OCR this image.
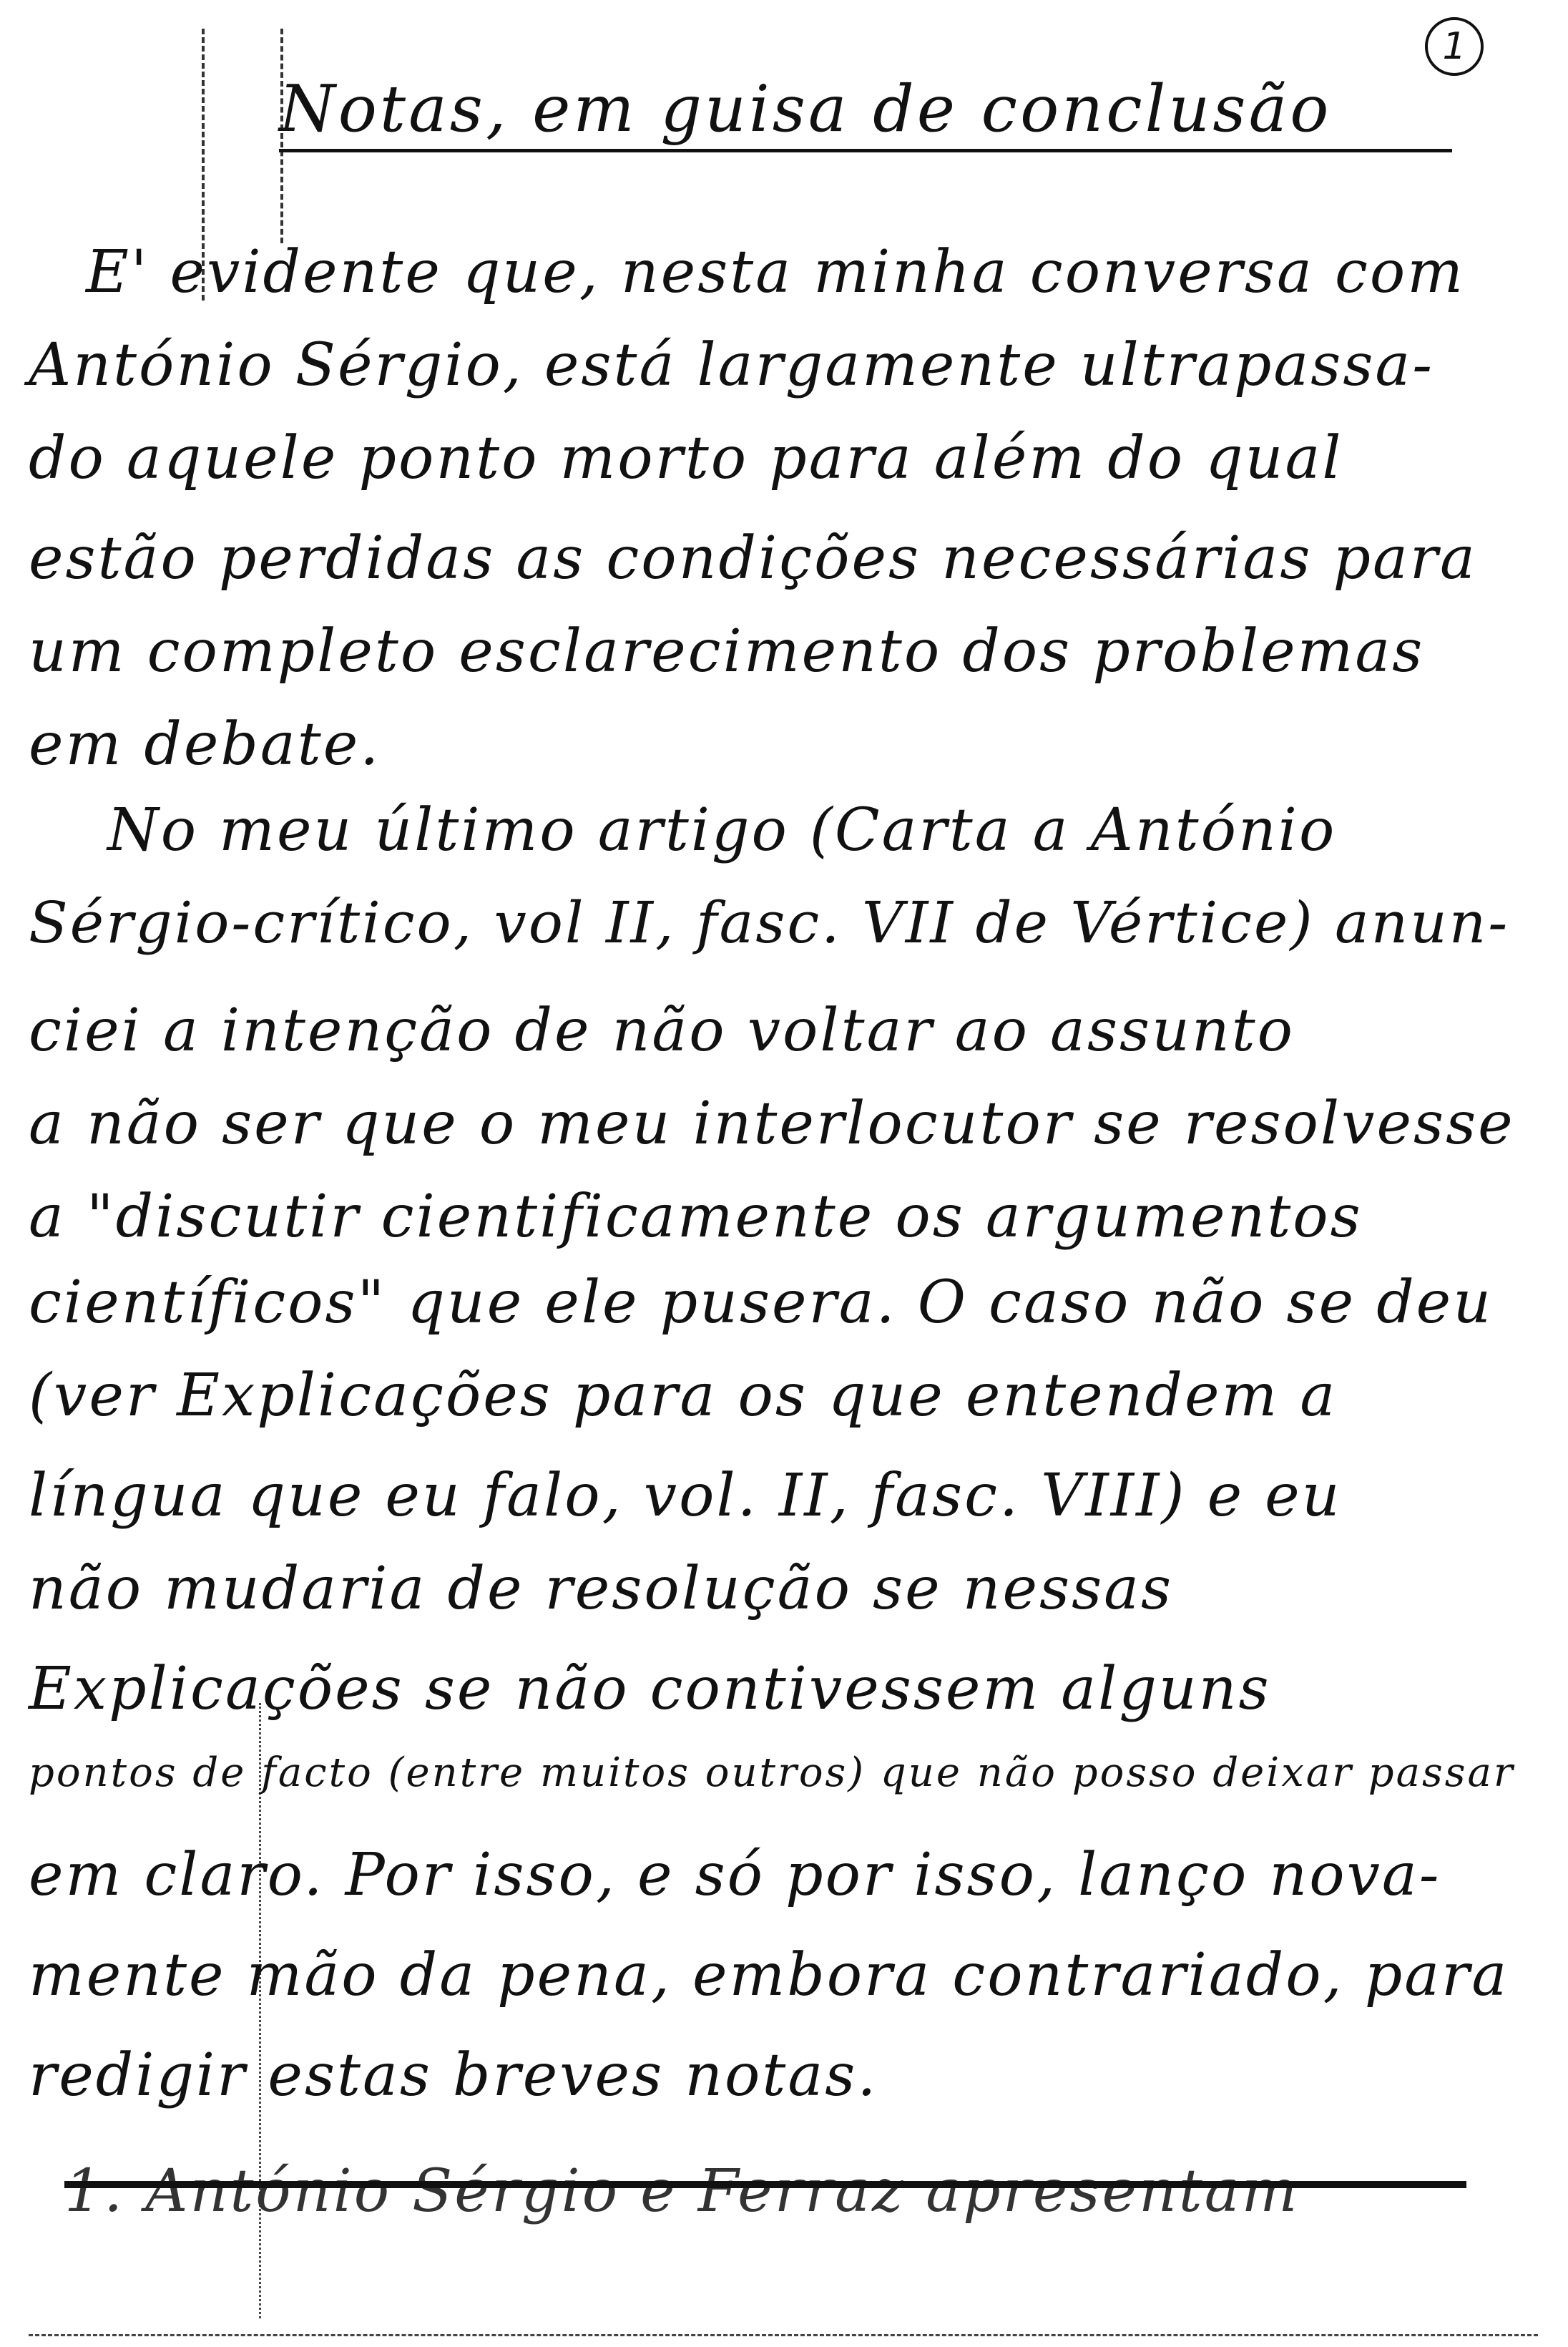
1
Notas, em guisa de conclusão
E' evidente que, nesta minha conversa com
António Sérgio, está largamente ultrapassa-
do aquele ponto morto para além do qual
estão perdidas as condições necessárias para
um completo esclarecimento dos problemas
em debate.
No meu último artigo (Carta a António
Sérgio-crítico, vol II, fasc. VII de Vértice) anun-
ciei a intenção de não voltar ao assunto
a não ser que o meu interlocutor se resolvesse
a "discutir cientificamente os argumentos
científicos" que ele pusera. O caso não se deu
(ver Explicações para os que entendem a
língua que eu falo, vol. II, fasc. VIII) e eu
não mudaria de resolução se nessas
Explicações se não contivessem alguns
pontos de facto (entre muitos outros) que não posso deixar passar
em claro. Por isso, e só por isso, lanço nova-
mente mão da pena, embora contrariado, para
redigir estas breves notas.
1. António Sérgio e Ferraz apresentam
